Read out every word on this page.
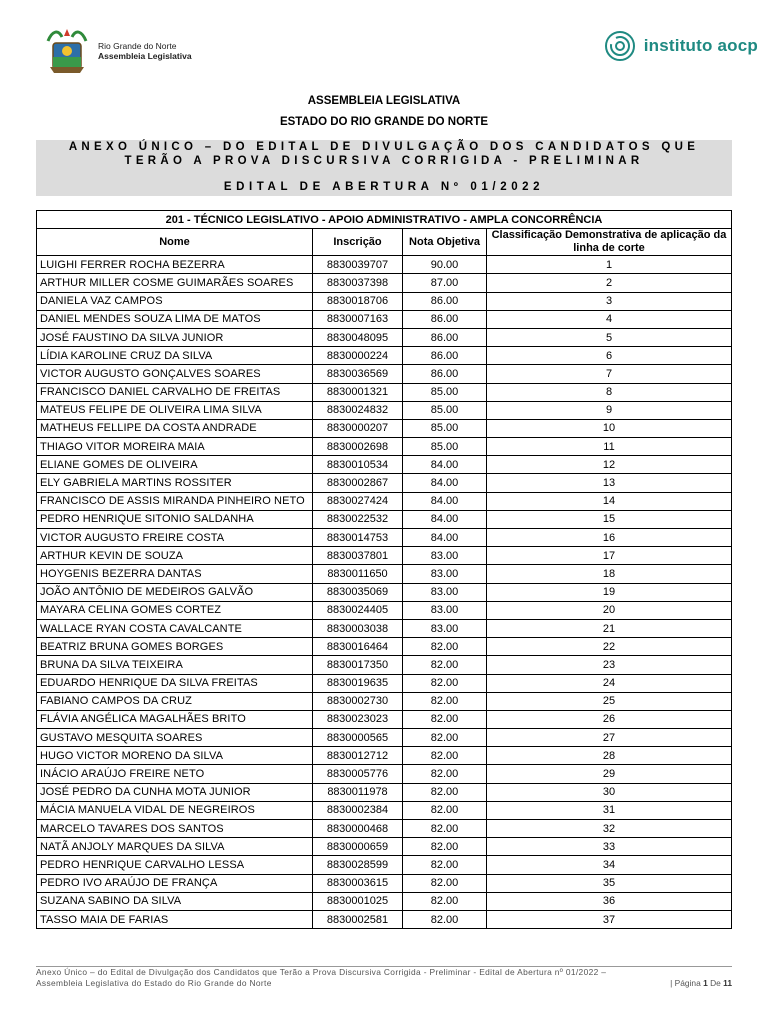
Rio Grande do Norte
Assembleia Legislativa
instituto aocp
ASSEMBLEIA LEGISLATIVA
ESTADO DO RIO GRANDE DO NORTE
ANEXO ÚNICO – DO EDITAL DE DIVULGAÇÃO DOS CANDIDATOS QUE
TERÃO A PROVA DISCURSIVA CORRIGIDA - PRELIMINAR
EDITAL DE ABERTURA Nº 01/2022
201 - TÉCNICO LEGISLATIVO - APOIO ADMINISTRATIVO - AMPLA CONCORRÊNCIA			
Nome	Inscrição	Nota Objetiva	Classificação Demonstrativa de aplicação da linha de corte
LUIGHI FERRER ROCHA BEZERRA	8830039707	90.00	1
ARTHUR MILLER COSME GUIMARÃES SOARES	8830037398	87.00	2
DANIELA VAZ CAMPOS	8830018706	86.00	3
DANIEL MENDES SOUZA LIMA DE MATOS	8830007163	86.00	4
JOSÉ FAUSTINO DA SILVA JUNIOR	8830048095	86.00	5
LÍDIA KAROLINE CRUZ DA SILVA	8830000224	86.00	6
VICTOR AUGUSTO GONÇALVES SOARES	8830036569	86.00	7
FRANCISCO DANIEL CARVALHO DE FREITAS	8830001321	85.00	8
MATEUS FELIPE DE OLIVEIRA LIMA SILVA	8830024832	85.00	9
MATHEUS FELLIPE DA COSTA ANDRADE	8830000207	85.00	10
THIAGO VITOR MOREIRA MAIA	8830002698	85.00	11
ELIANE GOMES DE OLIVEIRA	8830010534	84.00	12
ELY GABRIELA MARTINS ROSSITER	8830002867	84.00	13
FRANCISCO DE ASSIS MIRANDA PINHEIRO NETO	8830027424	84.00	14
PEDRO HENRIQUE SITONIO SALDANHA	8830022532	84.00	15
VICTOR AUGUSTO FREIRE COSTA	8830014753	84.00	16
ARTHUR KEVIN DE SOUZA	8830037801	83.00	17
HOYGENIS BEZERRA DANTAS	8830011650	83.00	18
JOÃO ANTÔNIO DE MEDEIROS GALVÃO	8830035069	83.00	19
MAYARA CELINA GOMES CORTEZ	8830024405	83.00	20
WALLACE RYAN COSTA CAVALCANTE	8830003038	83.00	21
BEATRIZ BRUNA GOMES BORGES	8830016464	82.00	22
BRUNA DA SILVA TEIXEIRA	8830017350	82.00	23
EDUARDO HENRIQUE DA SILVA FREITAS	8830019635	82.00	24
FABIANO CAMPOS DA CRUZ	8830002730	82.00	25
FLÁVIA ANGÉLICA MAGALHÃES BRITO	8830023023	82.00	26
GUSTAVO MESQUITA SOARES	8830000565	82.00	27
HUGO VICTOR MORENO DA SILVA	8830012712	82.00	28
INÁCIO ARAÚJO FREIRE NETO	8830005776	82.00	29
JOSÉ PEDRO DA CUNHA MOTA JUNIOR	8830011978	82.00	30
MÁCIA MANUELA VIDAL DE NEGREIROS	8830002384	82.00	31
MARCELO TAVARES DOS SANTOS	8830000468	82.00	32
NATÃ ANJOLY MARQUES DA SILVA	8830000659	82.00	33
PEDRO HENRIQUE CARVALHO LESSA	8830028599	82.00	34
PEDRO IVO ARAÚJO DE FRANÇA	8830003615	82.00	35
SUZANA SABINO DA SILVA	8830001025	82.00	36
TASSO MAIA DE FARIAS	8830002581	82.00	37
Anexo Único – do Edital de Divulgação dos Candidatos que Terão a Prova Discursiva Corrigida - Preliminar - Edital de Abertura nº 01/2022 –
Assembleia Legislativa do Estado do Rio Grande do Norte	| Página 1 De 11
